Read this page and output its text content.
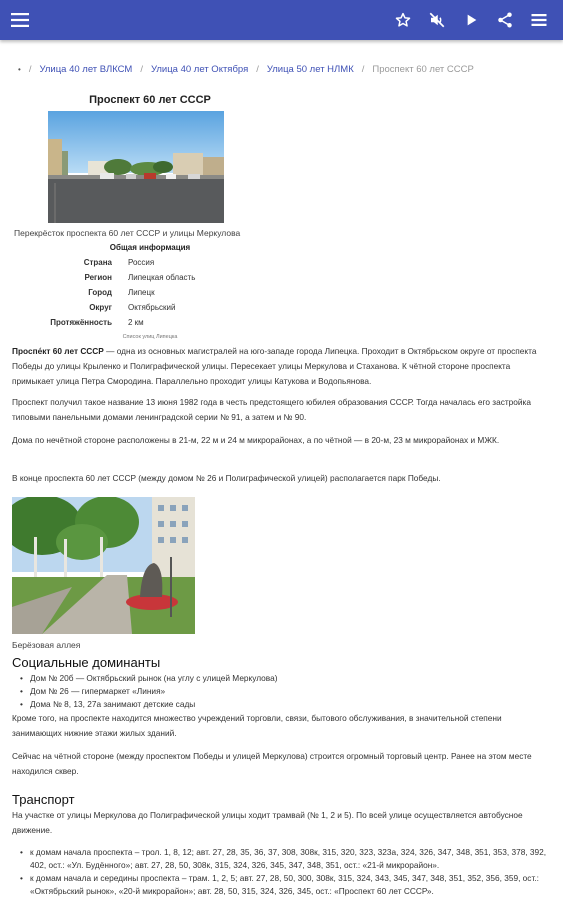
• / Улица 40 лет ВЛКСМ / Улица 40 лет Октября / Улица 50 лет НЛМК / Проспект 60 лет СССР
Проспект 60 лет СССР
Перекрёсток проспекта 60 лет СССР и улицы Меркулова
Общая информация
Страна Россия
Регион Липецкая область
Город Липецк
Округ Октябрьский
Протяжённость 2 км
Список улиц Липецка
Проспе́кт 60 лет СССР — одна из основных магистралей на юго-западе города Липецка. Проходит в Октябрьском округе от проспекта Победы до улицы Крыленко и Полиграфической улицы. Пересекает улицы Меркулова и Стаханова. К чётной стороне проспекта примыкает улица Петра Смородина. Параллельно проходит улицы Катукова и Водопьянова.
Проспект получил такое название 13 июня 1982 года в честь предстоящего юбилея образования СССР. Тогда началась его застройка типовыми панельными домами ленинградской серии № 91, а затем и № 90.
Дома по нечётной стороне расположены в 21-м, 22 м и 24 м микрорайонах, а по чётной — в 20-м, 23 м микрорайонах и МЖК.
В конце проспекта 60 лет СССР (между домом № 26 и Полиграфической улицей) располагается парк Победы.
Берёзовая аллея
Социальные доминанты
• Дом № 20б — Октябрьский рынок (на углу с улицей Меркулова)
• Дом № 26 — гипермаркет «Линия»
• Дома № 8, 13, 27а занимают детские сады
Кроме того, на проспекте находится множество учреждений торговли, связи, бытового обслуживания, в значительной степени занимающих нижние этажи жилых зданий.
Сейчас на чётной стороне (между проспектом Победы и улицей Меркулова) строится огромный торговый центр. Ранее на этом месте находился сквер.
Транспорт
На участке от улицы Меркулова до Полиграфической улицы ходит трамвай (№ 1, 2 и 5). По всей улице осуществляется автобусное движение.
• к домам начала проспекта – трол. 1, 8, 12; авт. 27, 28, 35, 36, 37, 308, 308к, 315, 320, 323, 323а, 324, 326, 347, 348, 351, 353, 378, 392, 402, ост.: «Ул. Будённого»; авт. 27, 28, 50, 308к, 315, 324, 326, 345, 347, 348, 351, ост.: «21-й микрорайон».
• к домам начала и середины проспекта – трам. 1, 2, 5; авт. 27, 28, 50, 300, 308к, 315, 324, 343, 345, 347, 348, 351, 352, 356, 359, ост.: «Октябрьский рынок», «20-й микрорайон»; авт. 28, 50, 315, 324, 326, 345, ост.: «Проспект 60 лет СССР».
